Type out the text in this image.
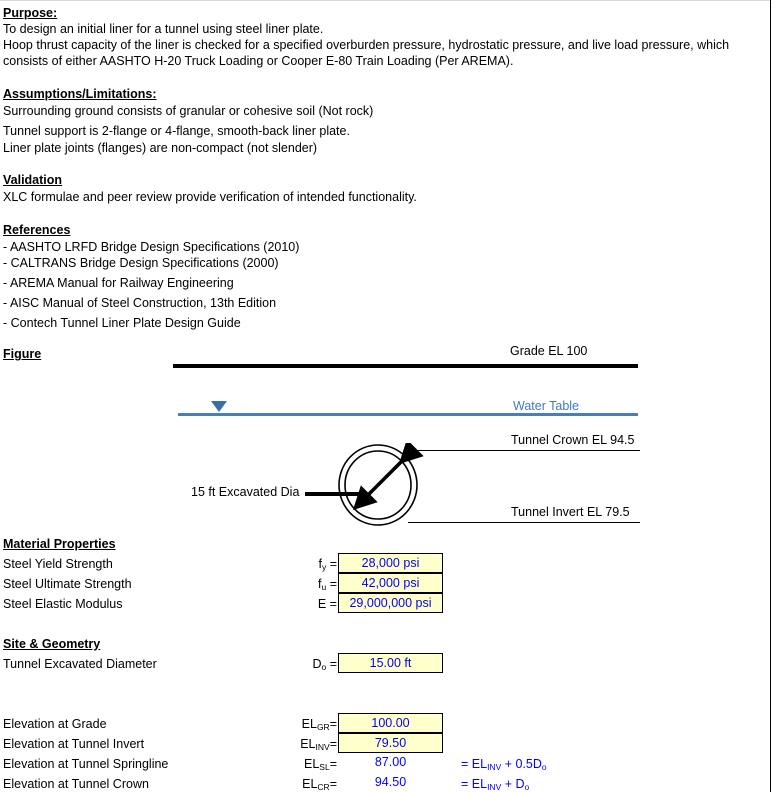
Purpose:
To design an initial liner for a tunnel using steel liner plate.
Hoop thrust capacity of the liner is checked for a specified overburden pressure, hydrostatic pressure, and live load pressure, which
consists of either AASHTO H-20 Truck Loading or Cooper E-80 Train Loading (Per AREMA).
Assumptions/Limitations:
Surrounding ground consists of granular or cohesive soil (Not rock)
Tunnel support is 2-flange or 4-flange, smooth-back liner plate.
Liner plate joints (flanges) are non-compact (not slender)
Validation
XLC formulae and peer review provide verification of intended functionality.
References
- AASHTO LRFD Bridge Design Specifications (2010)
- CALTRANS Bridge Design Specifications (2000)
- AREMA Manual for Railway Engineering
- AISC Manual of Steel Construction, 13th Edition
- Contech Tunnel Liner Plate Design Guide
Figure	Grade EL 100
Water Table
Tunnel Crown EL 94.5
Tunnel Invert EL 79.5
15 ft Excavated Dia
Material Properties
Steel Yield Strength	$f_y$ =	28,000 psi
Steel Ultimate Strength	$f_u$ =	42,000 psi
Steel Elastic Modulus	E = 29,000,000 psi
Site & Geometry
Tunnel Excavated Diameter	$D_o$ =	15.00 ft
Elevation at Grade	$EL_{GR}=$	100.00
Elevation at Tunnel Invert	$EL_{INV}=$	79.50
Elevation at Tunnel Springline	$EL_{SL}=$	87.00	= $EL_{INV} + 0.5D_o$
Elevation at Tunnel Crown	$EL_{CR}=$	94.50	= $EL_{INV} + D_o$
